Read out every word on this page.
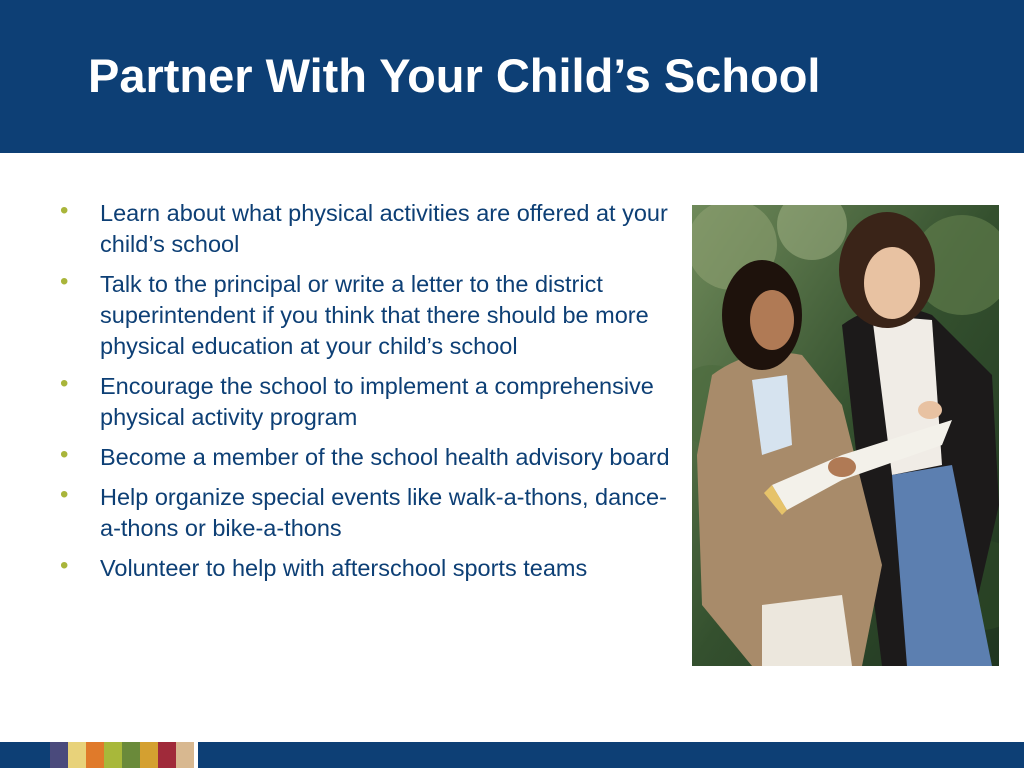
Partner With Your Child’s School
• Learn about what physical activities are offered at your child’s school
• Talk to the principal or write a letter to the district superintendent if you think that there should be more physical education at your child’s school
• Encourage the school to implement a comprehensive physical activity program
• Become a member of the school health advisory board
• Help organize special events like walk-a-thons, dance-a-thons or bike-a-thons
• Volunteer to help with afterschool sports teams
